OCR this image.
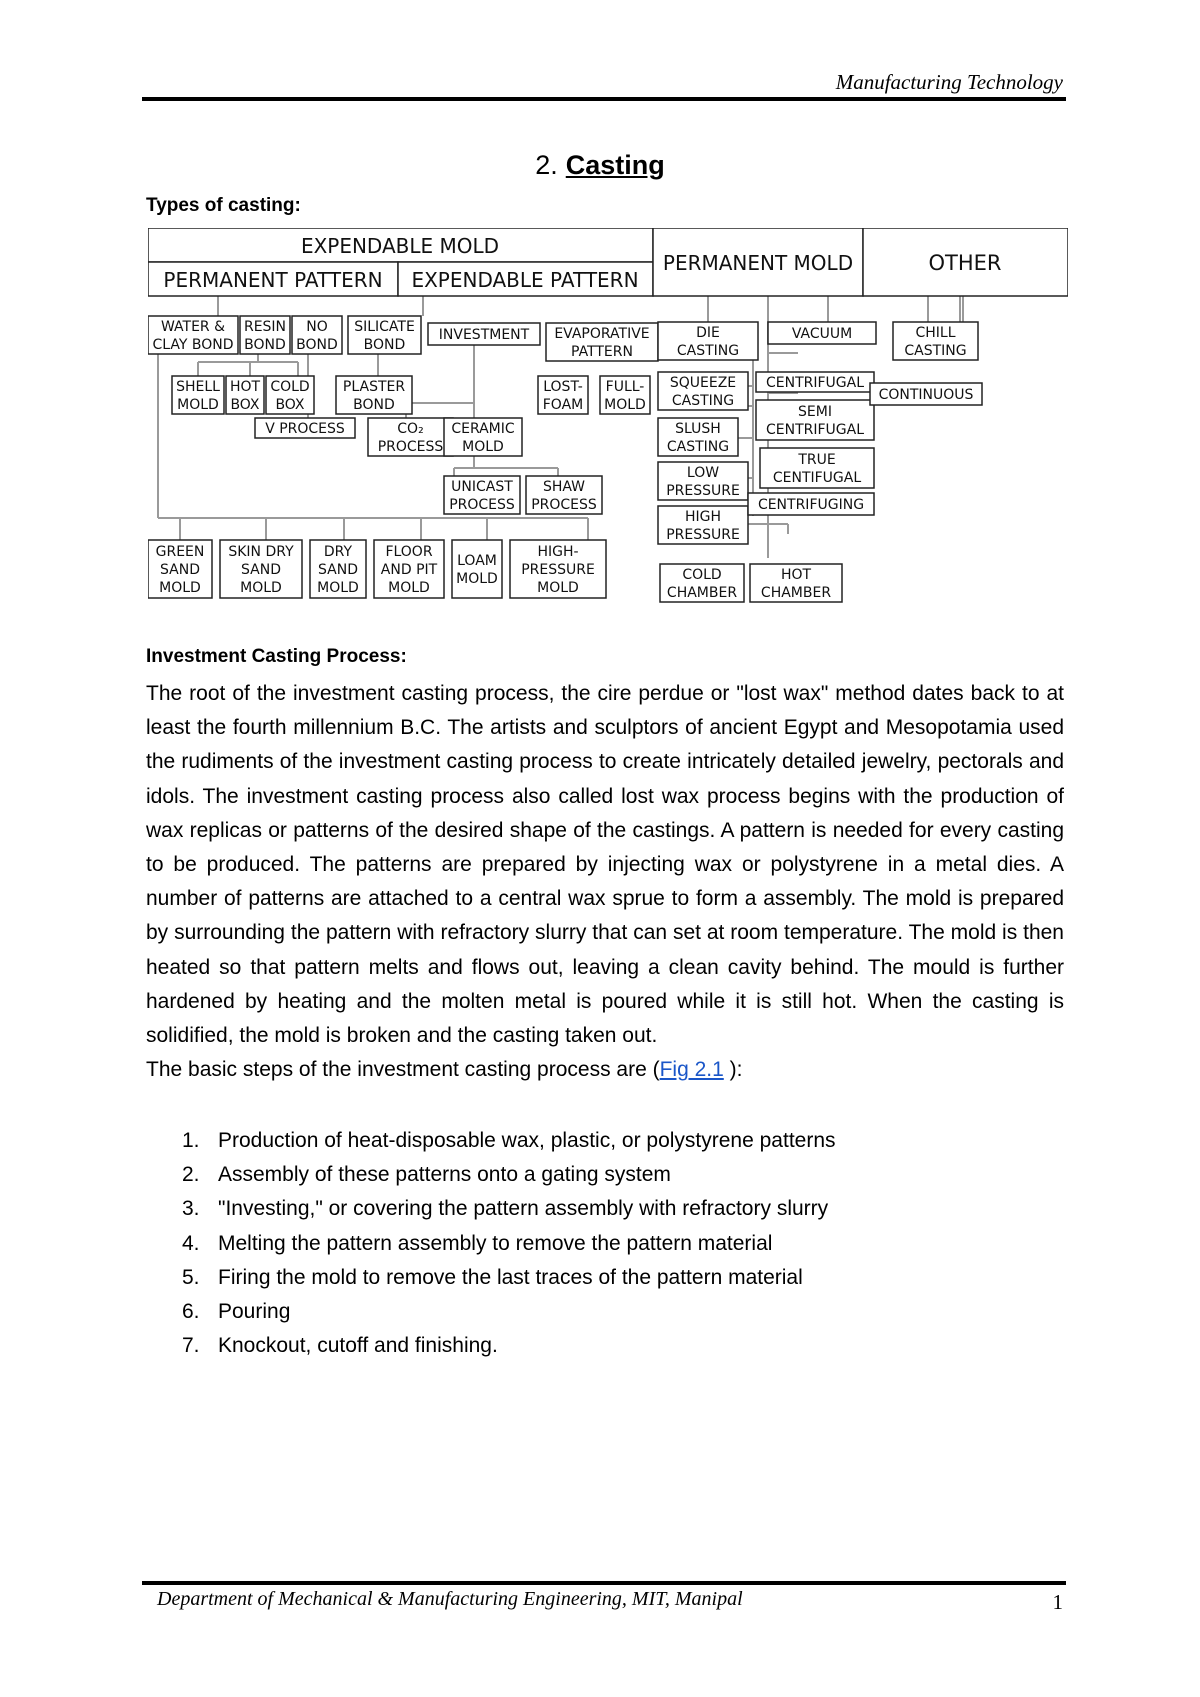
Manufacturing Technology
2. Casting
Types of casting:
EXPENDABLE MOLD
PERMANENT PATTERN EXPENDABLE PATTERN
PERMANENT MOLD	OTHER
WATER &
CLAY BOND
RESIN
BOND
NO
BOND
SILICATE
BOND
INVESTMENT EVAPORATIVE
PATTERN
SHELL
MOLD
HOT
BOX
COLD
BOX
PLASTER
BOND
LOST-
FOAM
FULL-
MOLD
V PROCESS	CO₂
PROCESS
CERAMIC
MOLD
UNICAST
PROCESS
SHAW
PROCESS
GREEN
SAND
MOLD
SKIN DRY
SAND
MOLD
DRY
SAND
MOLD
FLOOR
AND PIT
MOLD
LOAM
MOLD
HIGH-
PRESSURE
MOLD
DIE
CASTING
SQUEEZE
CASTING
SLUSH
CASTING
LOW
PRESSURE
HIGH
PRESSURE
COLD
CHAMBER
HOT
CHAMBER
VACUUM
CENTRIFUGAL
SEMI
CENTRIFUGAL
TRUE
CENTIFUGAL
CENTRIFUGING
CHILL
CASTING
CONTINUOUS
Investment Casting Process:

The root of the investment casting process, the cire perdue or "lost wax" method dates back to at least the fourth millennium B.C. The artists and sculptors of ancient Egypt and Mesopotamia used the rudiments of the investment casting process to create intricately detailed jewelry, pectorals and idols. The investment casting process also called lost wax process begins with the production of wax replicas or patterns of the desired shape of the castings. A pattern is needed for every casting to be produced. The patterns are prepared by injecting wax or polystyrene in a metal dies. A number of patterns are attached to a central wax sprue to form a assembly. The mold is prepared by surrounding the pattern with refractory slurry that can set at room temperature. The mold is then heated so that pattern melts and flows out, leaving a clean cavity behind. The mould is further hardened by heating and the molten metal is poured while it is still hot. When the casting is solidified, the mold is broken and the casting taken out.

The basic steps of the investment casting process are (Fig 2.1 ):

1. Production of heat-disposable wax, plastic, or polystyrene patterns
2. Assembly of these patterns onto a gating system
3. "Investing," or covering the pattern assembly with refractory slurry
4. Melting the pattern assembly to remove the pattern material
5. Firing the mold to remove the last traces of the pattern material
6. Pouring
7. Knockout, cutoff and finishing.
Department of Mechanical & Manufacturing Engineering, MIT, Manipal	1
